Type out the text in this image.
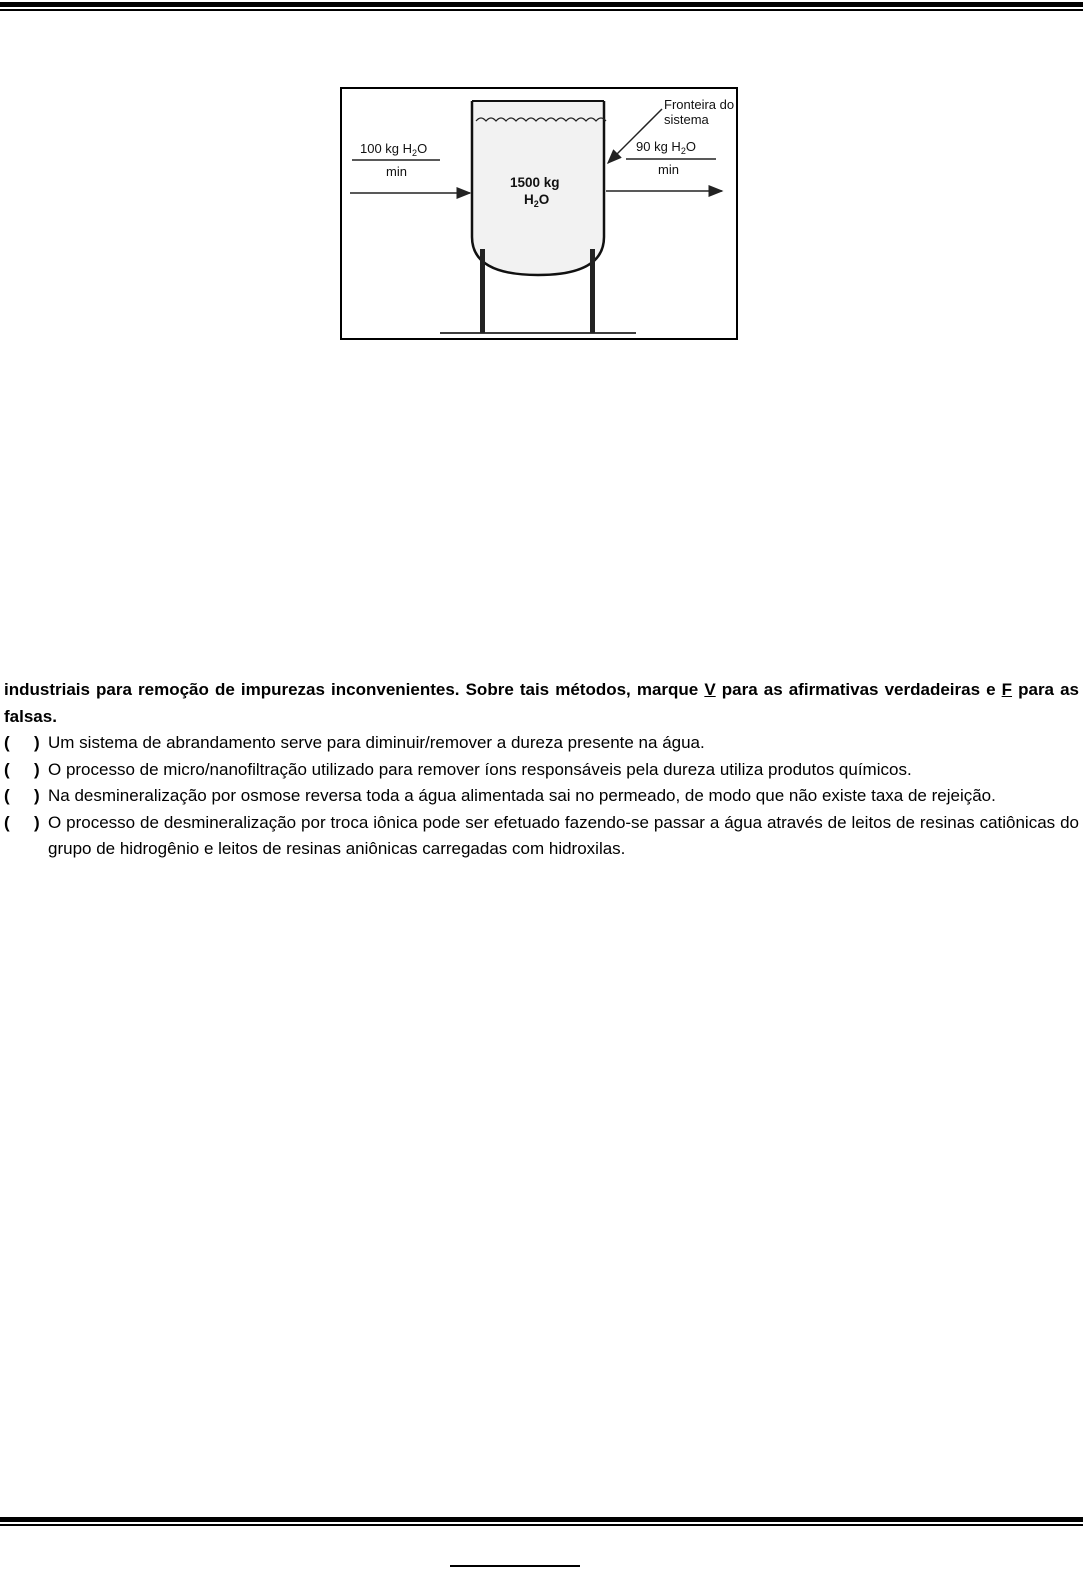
100 kg $H_2O$
min
90 kg $H_2O$
min
1500 kg
$H_2O$
Fronteira do
sistema
industriais para remoção de impurezas inconvenientes. Sobre tais métodos, marque V para as afirmativas verdadeiras e F para as falsas.
( ) Um sistema de abrandamento serve para diminuir/remover a dureza presente na água.
( ) O processo de micro/nanofiltração utilizado para remover íons responsáveis pela dureza utiliza produtos químicos.
( ) Na desmineralização por osmose reversa toda a água alimentada sai no permeado, de modo que não existe taxa de rejeição.
( ) O processo de desmineralização por troca iônica pode ser efetuado fazendo-se passar a água através de leitos de resinas catiônicas do grupo de hidrogênio e leitos de resinas aniônicas carregadas com hidroxilas.
